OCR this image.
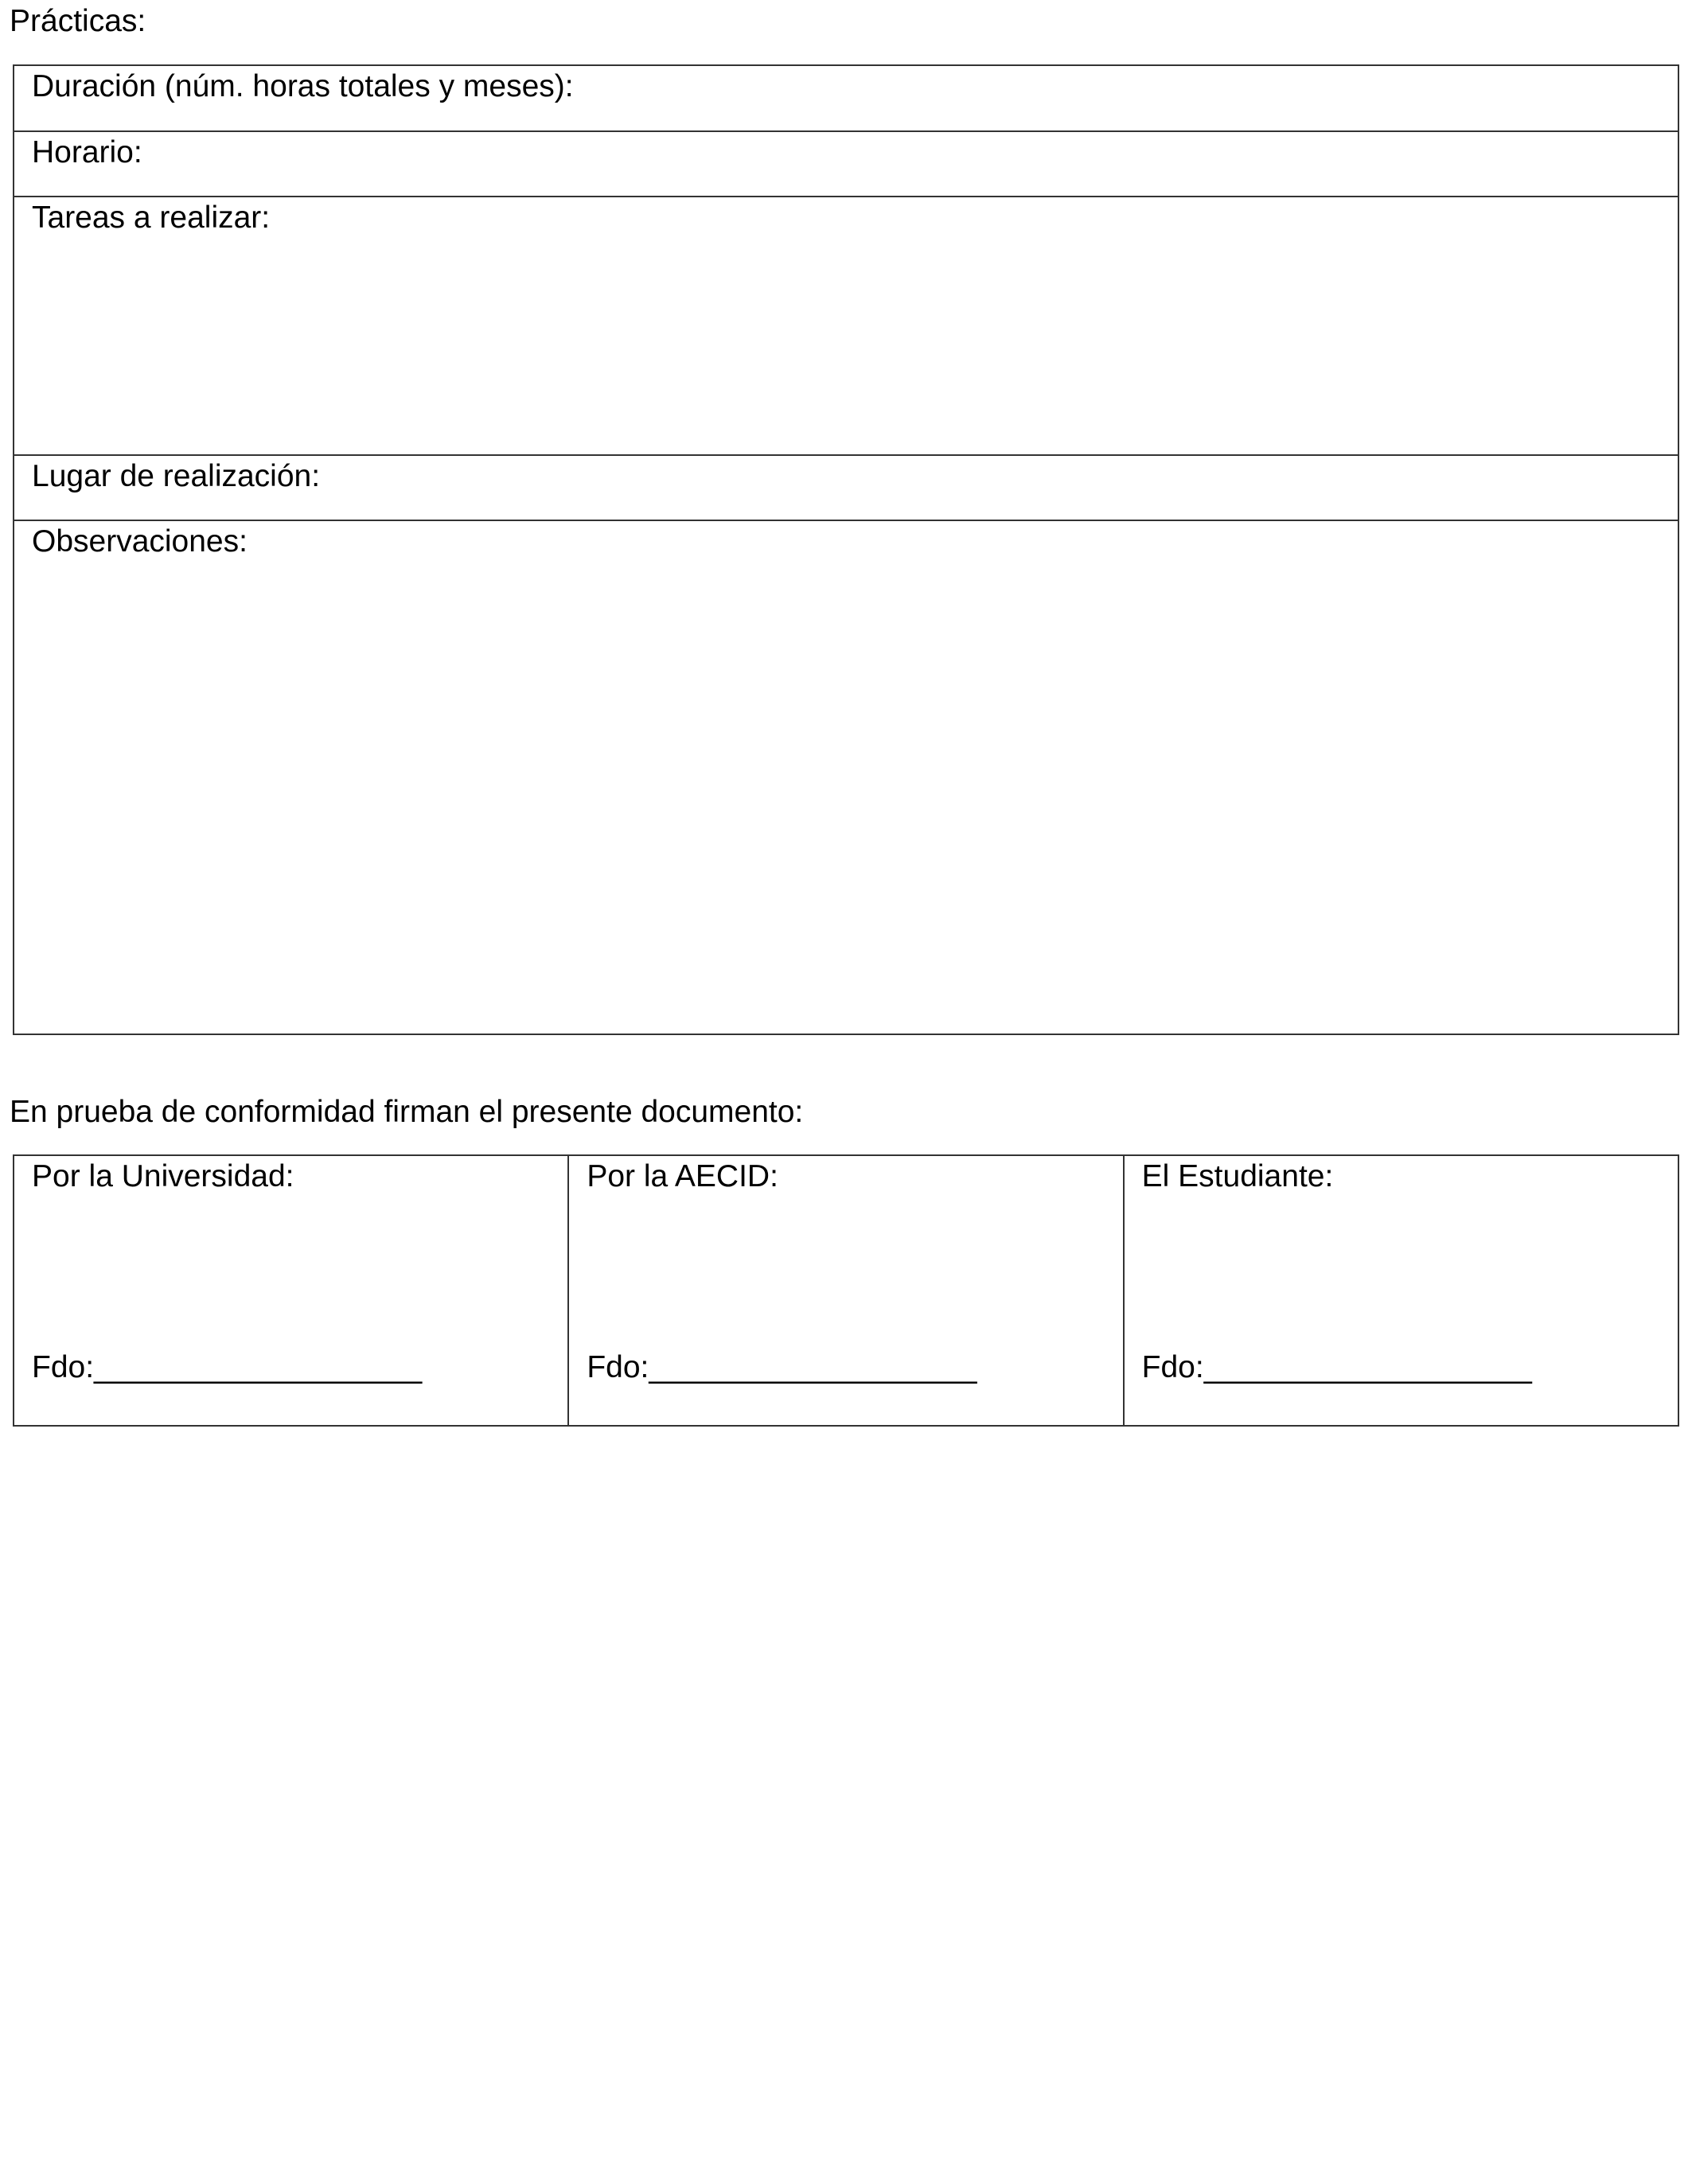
Prácticas:
Duración (núm. horas totales y meses):
Horario:
Tareas a realizar:
Lugar de realización:
Observaciones:
En prueba de conformidad firman el presente documento:
Por la Universidad:
Fdo:___________________
Por la AECID:
Fdo:___________________
El Estudiante:
Fdo:___________________
